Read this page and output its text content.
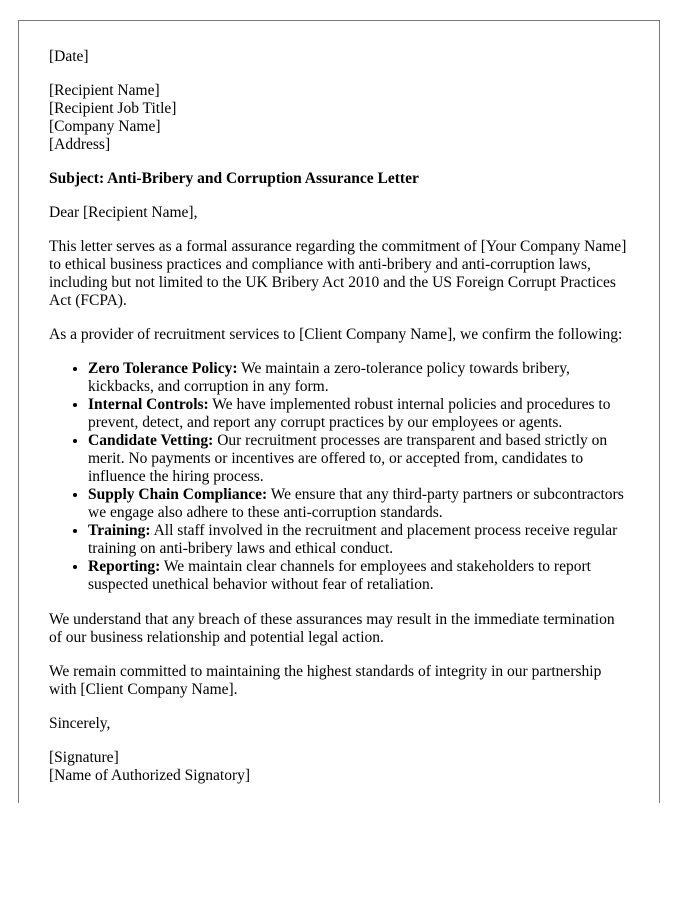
[Date]

[Recipient Name]
[Recipient Job Title]
[Company Name]
[Address]

Subject: Anti-Bribery and Corruption Assurance Letter

Dear [Recipient Name],

This letter serves as a formal assurance regarding the commitment of [Your Company Name] to ethical business practices and compliance with anti-bribery and anti-corruption laws, including but not limited to the UK Bribery Act 2010 and the US Foreign Corrupt Practices Act (FCPA).

As a provider of recruitment services to [Client Company Name], we confirm the following:

• Zero Tolerance Policy: We maintain a zero-tolerance policy towards bribery, kickbacks, and corruption in any form.
• Internal Controls: We have implemented robust internal policies and procedures to prevent, detect, and report any corrupt practices by our employees or agents.
• Candidate Vetting: Our recruitment processes are transparent and based strictly on merit. No payments or incentives are offered to, or accepted from, candidates to influence the hiring process.
• Supply Chain Compliance: We ensure that any third-party partners or subcontractors we engage also adhere to these anti-corruption standards.
• Training: All staff involved in the recruitment and placement process receive regular training on anti-bribery laws and ethical conduct.
• Reporting: We maintain clear channels for employees and stakeholders to report suspected unethical behavior without fear of retaliation.

We understand that any breach of these assurances may result in the immediate termination of our business relationship and potential legal action.

We remain committed to maintaining the highest standards of integrity in our partnership with [Client Company Name].

Sincerely,

[Signature]
[Name of Authorized Signatory]
